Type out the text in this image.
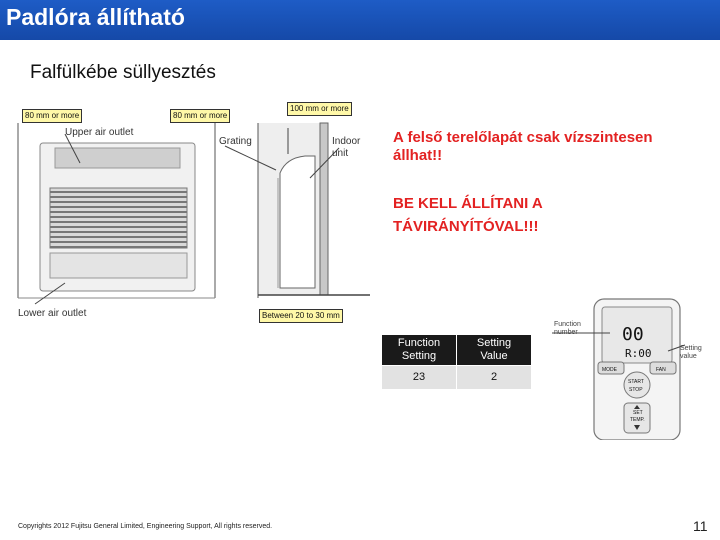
Padlóra állítható
Falfülkébe süllyesztés
80 mm or more	80 mm or more
100 mm or more
Between 20 to 30 mm
Upper air outlet
Lower air outlet
Grating	Indoor
unit
A felső terelőlapát csak vízszintesen
állhat!!
BE KELL ÁLLÍTANI A
TÁVIRÁNYÍTÓVAL!!!
Function
Setting	Setting
Value
23	2
00
R:00
MODE	FAN
START
STOP
SET
TEMP.
Function
number
Setting
value
Copyrights 2012 Fujitsu General Limited, Engineering Support, All rights reserved.	11
